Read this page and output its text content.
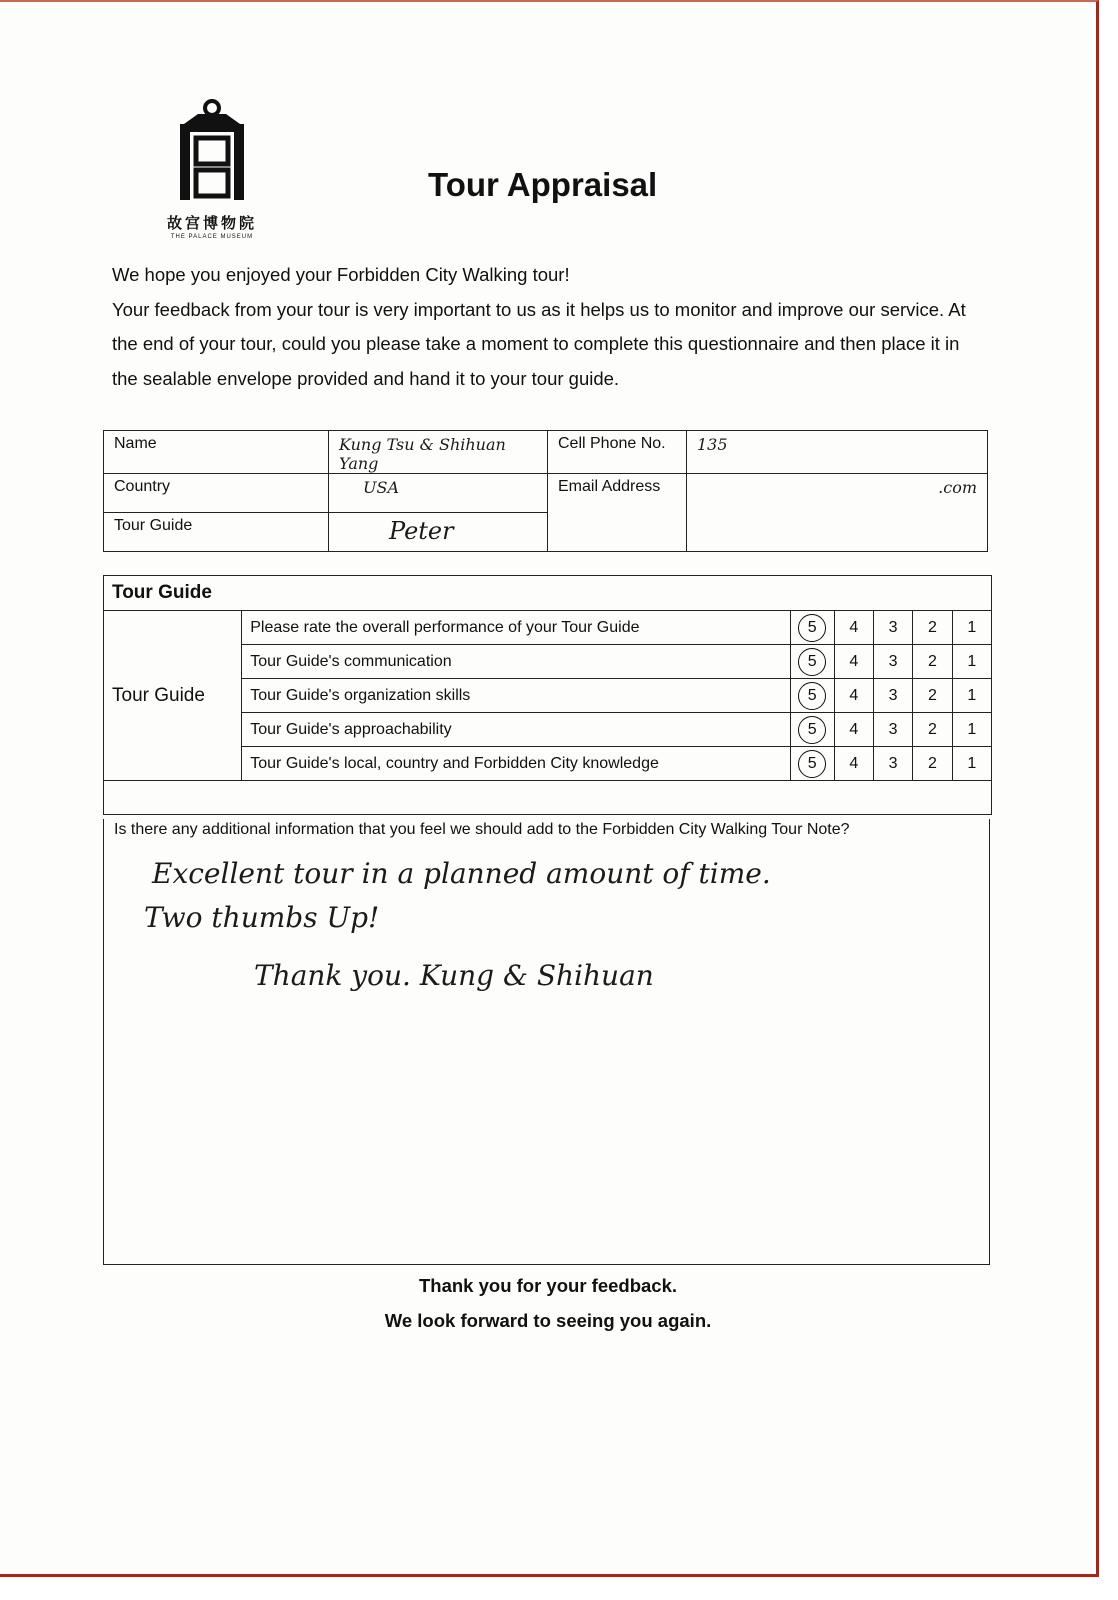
故宫博物院
THE PALACE MUSEUM
Tour Appraisal

We hope you enjoyed your Forbidden City Walking tour!

Your feedback from your tour is very important to us as it helps us to monitor and improve our service. At the end of your tour, could you please take a moment to complete this questionnaire and then place it in the sealable envelope provided and hand it to your tour guide.

Name	Kung Tsu & Shihuan Yang	Cell Phone No.	135
Country	USA	Email Address	.com
Tour Guide	Peter		
Tour Guide						
Tour Guide	Please rate the overall performance of your Tour Guide	5	4	3	2	1
	Tour Guide's communication	5	4	3	2	1
	Tour Guide's organization skills	5	4	3	2	1
	Tour Guide's approachability	5	4	3	2	1
	Tour Guide's local, country and Forbidden City knowledge	5	4	3	2	1

Is there any additional information that you feel we should add to the Forbidden City Walking Tour Note?
Excellent tour in a planned amount of time.
Two thumbs Up!
Thank you. Kung & Shihuan

Thank you for your feedback.

We look forward to seeing you again.
